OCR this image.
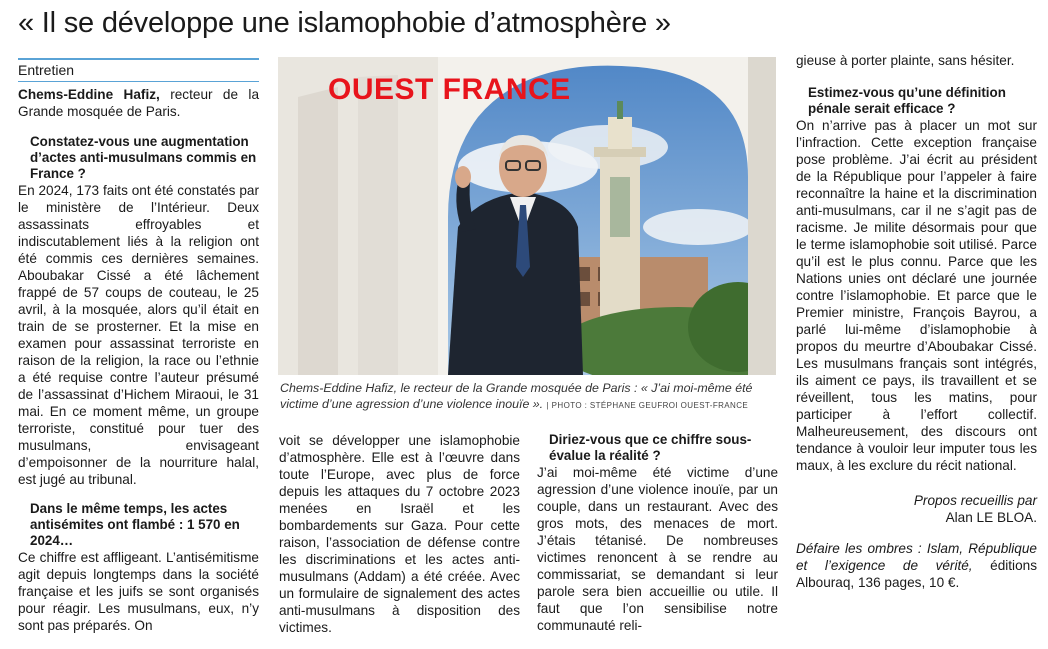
« Il se développe une islamophobie d’atmosphère »
Entretien

Chems-Eddine Hafiz, recteur de la Grande mosquée de Paris.

Constatez-vous une augmentation d’actes anti-musulmans commis en France ?

En 2024, 173 faits ont été constatés par le ministère de l’Intérieur. Deux assassinats effroyables et indiscutablement liés à la religion ont été commis ces dernières semaines. Aboubakar Cissé a été lâchement frappé de 57 coups de couteau, le 25 avril, à la mosquée, alors qu’il était en train de se prosterner. Et la mise en examen pour assassinat terroriste en raison de la religion, la race ou l’ethnie a été requise contre l’auteur présumé de l’assassinat d’Hichem Miraoui, le 31 mai. En ce moment même, un groupe terroriste, constitué pour tuer des musulmans, envisageant d’empoisonner de la nourriture halal, est jugé au tribunal.

Dans le même temps, les actes antisémites ont flambé : 1 570 en 2024…

Ce chiffre est affligeant. L’antisémitisme agit depuis longtemps dans la société française et les juifs se sont organisés pour réagir. Les musulmans, eux, n’y sont pas préparés. On

OUEST FRANCE
Chems-Eddine Hafiz, le recteur de la Grande mosquée de Paris : « J’ai moi-même été victime d’une agression d’une violence inouïe ». | PHOTO : STÉPHANE GEUFROI OUEST-FRANCE

voit se développer une islamophobie d’atmosphère. Elle est à l’œuvre dans toute l’Europe, avec plus de force depuis les attaques du 7 octobre 2023 menées en Israël et les bombardements sur Gaza. Pour cette raison, l’association de défense contre les discriminations et les actes anti-musulmans (Addam) a été créée. Avec un formulaire de signalement des actes anti-musulmans à disposition des victimes.

Diriez-vous que ce chiffre sous-évalue la réalité ?

J’ai moi-même été victime d’une agression d’une violence inouïe, par un couple, dans un restaurant. Avec des gros mots, des menaces de mort. J’étais tétanisé. De nombreuses victimes renoncent à se rendre au commissariat, se demandant si leur parole sera bien accueillie ou utile. Il faut que l’on sensibilise notre communauté reli-

gieuse à porter plainte, sans hésiter.

Estimez-vous qu’une définition pénale serait efficace ?

On n’arrive pas à placer un mot sur l’infraction. Cette exception française pose problème. J’ai écrit au président de la République pour l’appeler à faire reconnaître la haine et la discrimination anti-musulmans, car il ne s’agit pas de racisme. Je milite désormais pour que le terme islamophobie soit utilisé. Parce qu’il est le plus connu. Parce que les Nations unies ont déclaré une journée contre l’islamophobie. Et parce que le Premier ministre, François Bayrou, a parlé lui-même d’islamophobie à propos du meurtre d’Aboubakar Cissé. Les musulmans français sont intégrés, ils aiment ce pays, ils travaillent et se réveillent, tous les matins, pour participer à l’effort collectif. Malheureusement, des discours ont tendance à vouloir leur imputer tous les maux, à les exclure du récit national.

Propos recueillis par

Alan LE BLOA.

Défaire les ombres : Islam, République et l’exigence de vérité, éditions Albouraq, 136 pages, 10 €.
